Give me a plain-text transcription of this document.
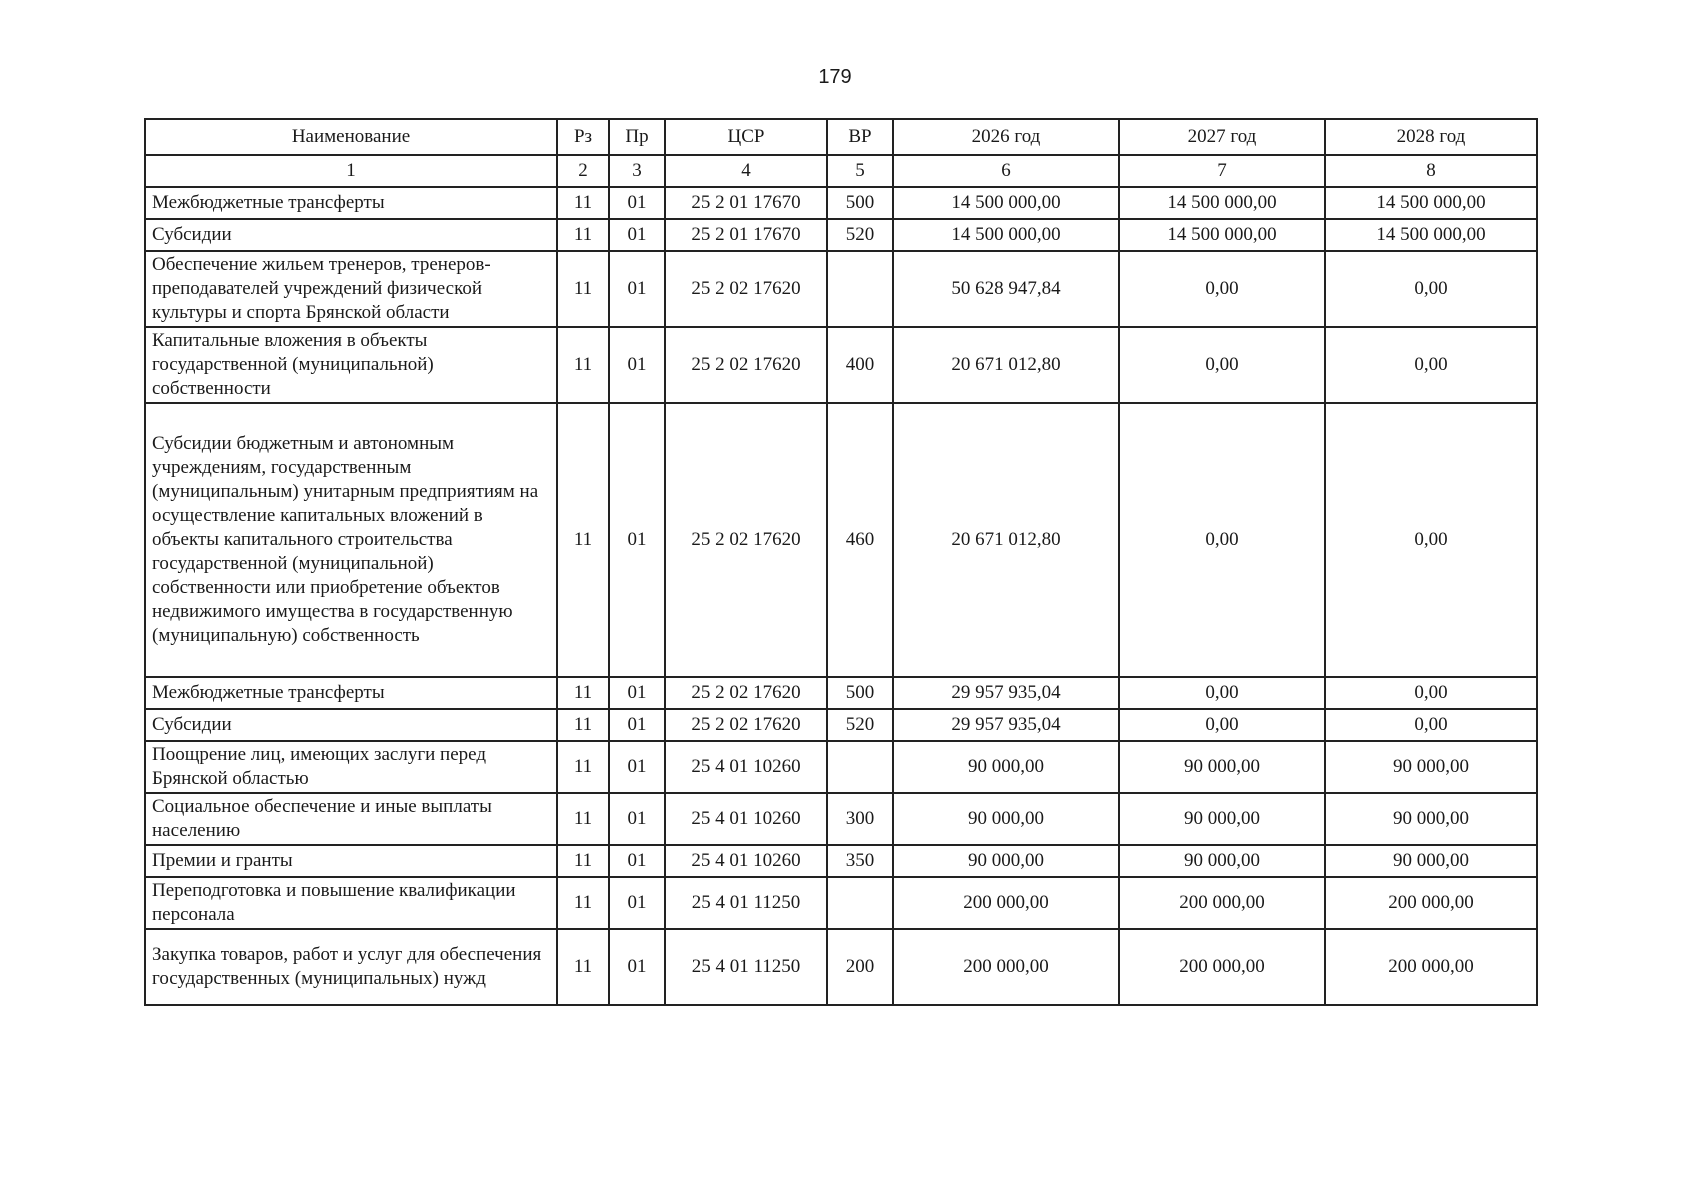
179
Наименование	Рз	Пр	ЦСР	ВР	2026 год	2027 год	2028 год
1	2	3	4	5	6	7	8
Межбюджетные трансферты	11	01	25 2 01 17670	500	14 500 000,00	14 500 000,00	14 500 000,00
Субсидии	11	01	25 2 01 17670	520	14 500 000,00	14 500 000,00	14 500 000,00
Обеспечение жильем тренеров, тренеров-преподавателей учреждений физической культуры и спорта Брянской области	11	01	25 2 02 17620		50 628 947,84	0,00	0,00
Капитальные вложения в объекты государственной (муниципальной) собственности	11	01	25 2 02 17620	400	20 671 012,80	0,00	0,00
Субсидии бюджетным и автономным учреждениям, государственным (муниципальным) унитарным предприятиям на осуществление капитальных вложений в объекты капитального строительства государственной (муниципальной) собственности или приобретение объектов недвижимого имущества в государственную (муниципальную) собственность	11	01	25 2 02 17620	460	20 671 012,80	0,00	0,00
Межбюджетные трансферты	11	01	25 2 02 17620	500	29 957 935,04	0,00	0,00
Субсидии	11	01	25 2 02 17620	520	29 957 935,04	0,00	0,00
Поощрение лиц, имеющих заслуги перед Брянской областью	11	01	25 4 01 10260		90 000,00	90 000,00	90 000,00
Социальное обеспечение и иные выплаты населению	11	01	25 4 01 10260	300	90 000,00	90 000,00	90 000,00
Премии и гранты	11	01	25 4 01 10260	350	90 000,00	90 000,00	90 000,00
Переподготовка и повышение квалификации персонала	11	01	25 4 01 11250		200 000,00	200 000,00	200 000,00
Закупка товаров, работ и услуг для обеспечения государственных (муниципальных) нужд	11	01	25 4 01 11250	200	200 000,00	200 000,00	200 000,00
